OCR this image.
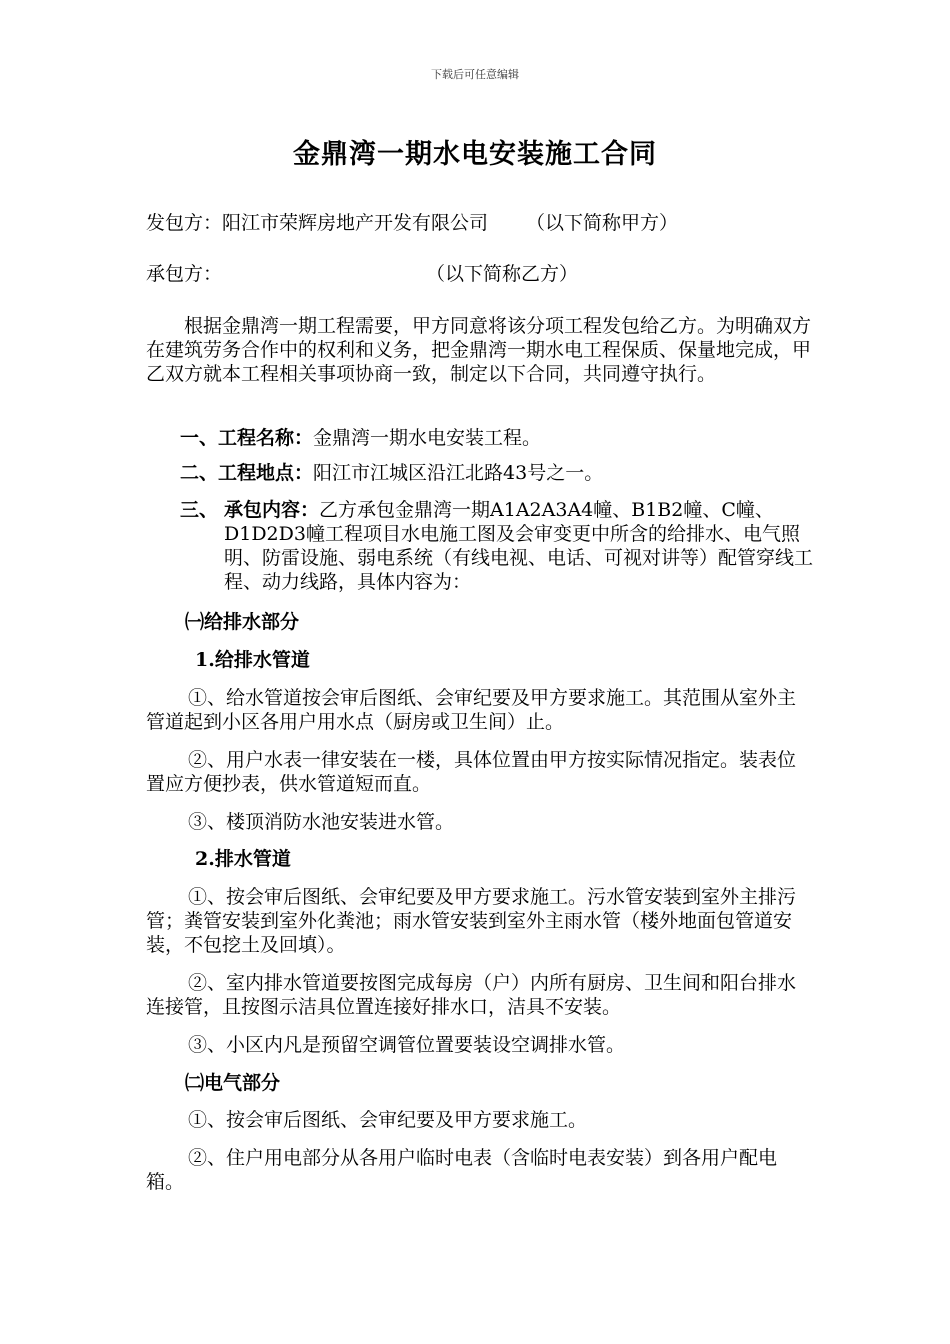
下载后可任意编辑
金鼎湾一期水电安装施工合同
发包方：阳江市荣辉房地产开发有限公司 （以下简称甲方）
承包方：	（以下简称乙方）
根据金鼎湾一期工程需要，甲方同意将该分项工程发包给乙方。为明确双方在建筑劳务合作中的权利和义务，把金鼎湾一期水电工程保质、保量地完成，甲乙双方就本工程相关事项协商一致，制定以下合同，共同遵守执行。
一、工程名称：金鼎湾一期水电安装工程。
二、工程地点：阳江市江城区沿江北路43号之一。
三、 承包内容：乙方承包金鼎湾一期A1A2A3A4幢、B1B2幢、C幢、D1D2D3幢工程项目水电施工图及会审变更中所含的给排水、电气照明、防雷设施、弱电系统（有线电视、电话、可视对讲等）配管穿线工程、动力线路，具体内容为：
㈠给排水部分
1.给排水管道
①、给水管道按会审后图纸、会审纪要及甲方要求施工。其范围从室外主管道起到小区各用户用水点（厨房或卫生间）止。
②、用户水表一律安装在一楼，具体位置由甲方按实际情况指定。装表位置应方便抄表，供水管道短而直。
③、楼顶消防水池安装进水管。
2.排水管道
①、按会审后图纸、会审纪要及甲方要求施工。污水管安装到室外主排污管；粪管安装到室外化粪池；雨水管安装到室外主雨水管（楼外地面包管道安装，不包挖土及回填）。
②、室内排水管道要按图完成每房（户）内所有厨房、卫生间和阳台排水连接管，且按图示洁具位置连接好排水口，洁具不安装。
③、小区内凡是预留空调管位置要装设空调排水管。
㈡电气部分
①、按会审后图纸、会审纪要及甲方要求施工。
②、住户用电部分从各用户临时电表（含临时电表安装）到各用户配电箱。
